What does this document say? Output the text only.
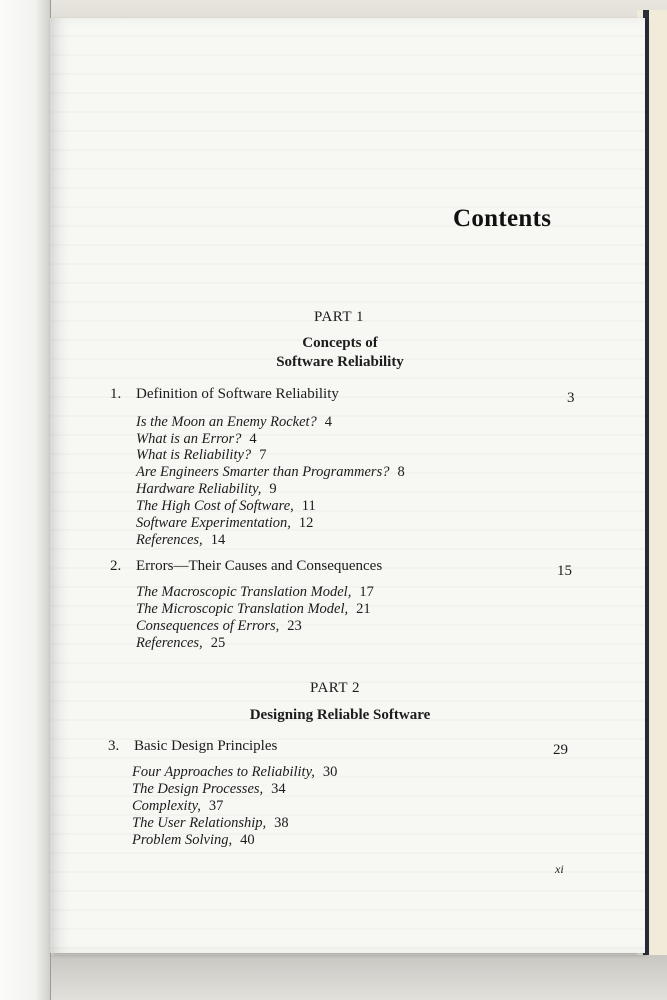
Contents
PART 1
Concepts of
Software Reliability
1. Definition of Software Reliability	3
Is the Moon an Enemy Rocket? 4
What is an Error? 4
What is Reliability? 7
Are Engineers Smarter than Programmers? 8
Hardware Reliability, 9
The High Cost of Software, 11
Software Experimentation, 12
References, 14
2. Errors—Their Causes and Consequences	15
The Macroscopic Translation Model, 17
The Microscopic Translation Model, 21
Consequences of Errors, 23
References, 25
PART 2
Designing Reliable Software
3. Basic Design Principles	29
Four Approaches to Reliability, 30
The Design Processes, 34
Complexity, 37
The User Relationship, 38
Problem Solving, 40
xi
